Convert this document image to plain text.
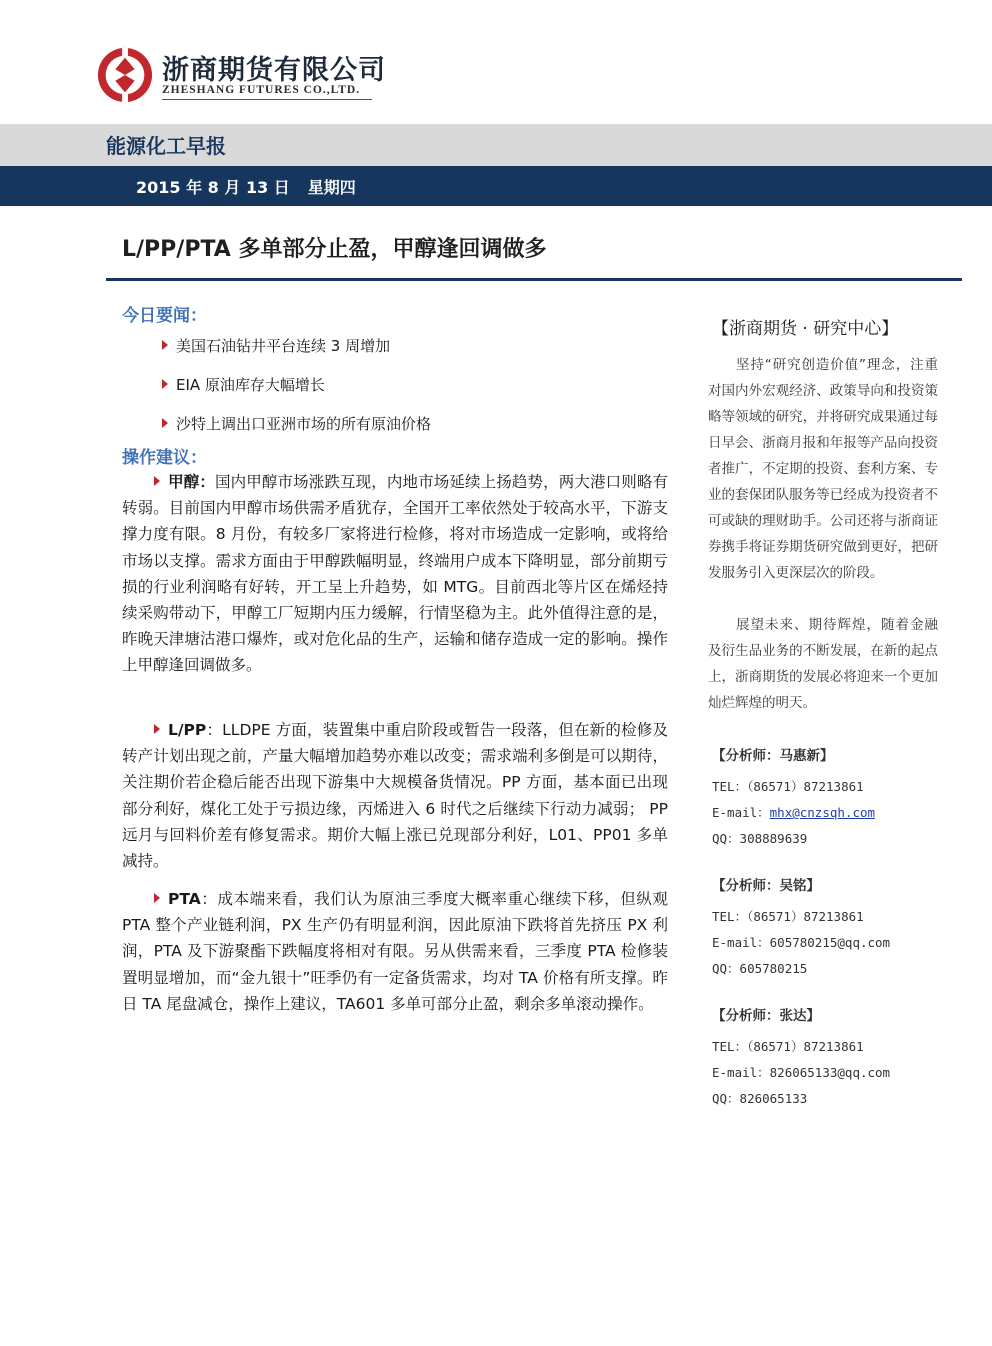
浙商期货有限公司
ZHESHANG FUTURES CO.,LTD.
能源化工早报
2015 年 8 月 13 日 星期四
L/PP/PTA 多单部分止盈，甲醇逢回调做多
今日要闻：
美国石油钻井平台连续 3 周增加
EIA 原油库存大幅增长
沙特上调出口亚洲市场的所有原油价格
操作建议：
甲醇：国内甲醇市场涨跌互现，内地市场延续上扬趋势，两大港口则略有转弱。目前国内甲醇市场供需矛盾犹存，全国开工率依然处于较高水平，下游支撑力度有限。8 月份，有较多厂家将进行检修，将对市场造成一定影响，或将给市场以支撑。需求方面由于甲醇跌幅明显，终端用户成本下降明显，部分前期亏损的行业利润略有好转，开工呈上升趋势，如 MTG。目前西北等片区在烯烃持续采购带动下，甲醇工厂短期内压力缓解，行情坚稳为主。此外值得注意的是，昨晚天津塘沽港口爆炸，或对危化品的生产，运输和储存造成一定的影响。操作上甲醇逢回调做多。
L/PP：LLDPE 方面，装置集中重启阶段或暂告一段落，但在新的检修及转产计划出现之前，产量大幅增加趋势亦难以改变；需求端利多倒是可以期待，关注期价若企稳后能否出现下游集中大规模备货情况。PP 方面，基本面已出现部分利好，煤化工处于亏损边缘，丙烯进入 6 时代之后继续下行动力减弱； PP 远月与回料价差有修复需求。期价大幅上涨已兑现部分利好，L01、PP01 多单减持。
PTA：成本端来看，我们认为原油三季度大概率重心继续下移，但纵观 PTA 整个产业链利润，PX 生产仍有明显利润，因此原油下跌将首先挤压 PX 利润，PTA 及下游聚酯下跌幅度将相对有限。另从供需来看，三季度 PTA 检修装置明显增加，而“金九银十”旺季仍有一定备货需求，均对 TA 价格有所支撑。昨日 TA 尾盘减仓，操作上建议，TA601 多单可部分止盈，剩余多单滚动操作。
【浙商期货 · 研究中心】
坚持“研究创造价值”理念，注重对国内外宏观经济、政策导向和投资策略等领域的研究，并将研究成果通过每日早会、浙商月报和年报等产品向投资者推广，不定期的投资、套利方案、专业的套保团队服务等已经成为投资者不可或缺的理财助手。公司还将与浙商证券携手将证券期货研究做到更好，把研发服务引入更深层次的阶段。
展望未来、期待辉煌，随着金融及衍生品业务的不断发展，在新的起点上，浙商期货的发展必将迎来一个更加灿烂辉煌的明天。
【分析师：马惠新】
TEL：（86571）87213861
E-mail：mhx@cnzsqh.com
QQ：308889639
【分析师：吴铭】
TEL：（86571）87213861
E-mail：605780215@qq.com
QQ：605780215
【分析师：张达】
TEL：（86571）87213861
E-mail：826065133@qq.com
QQ：826065133
